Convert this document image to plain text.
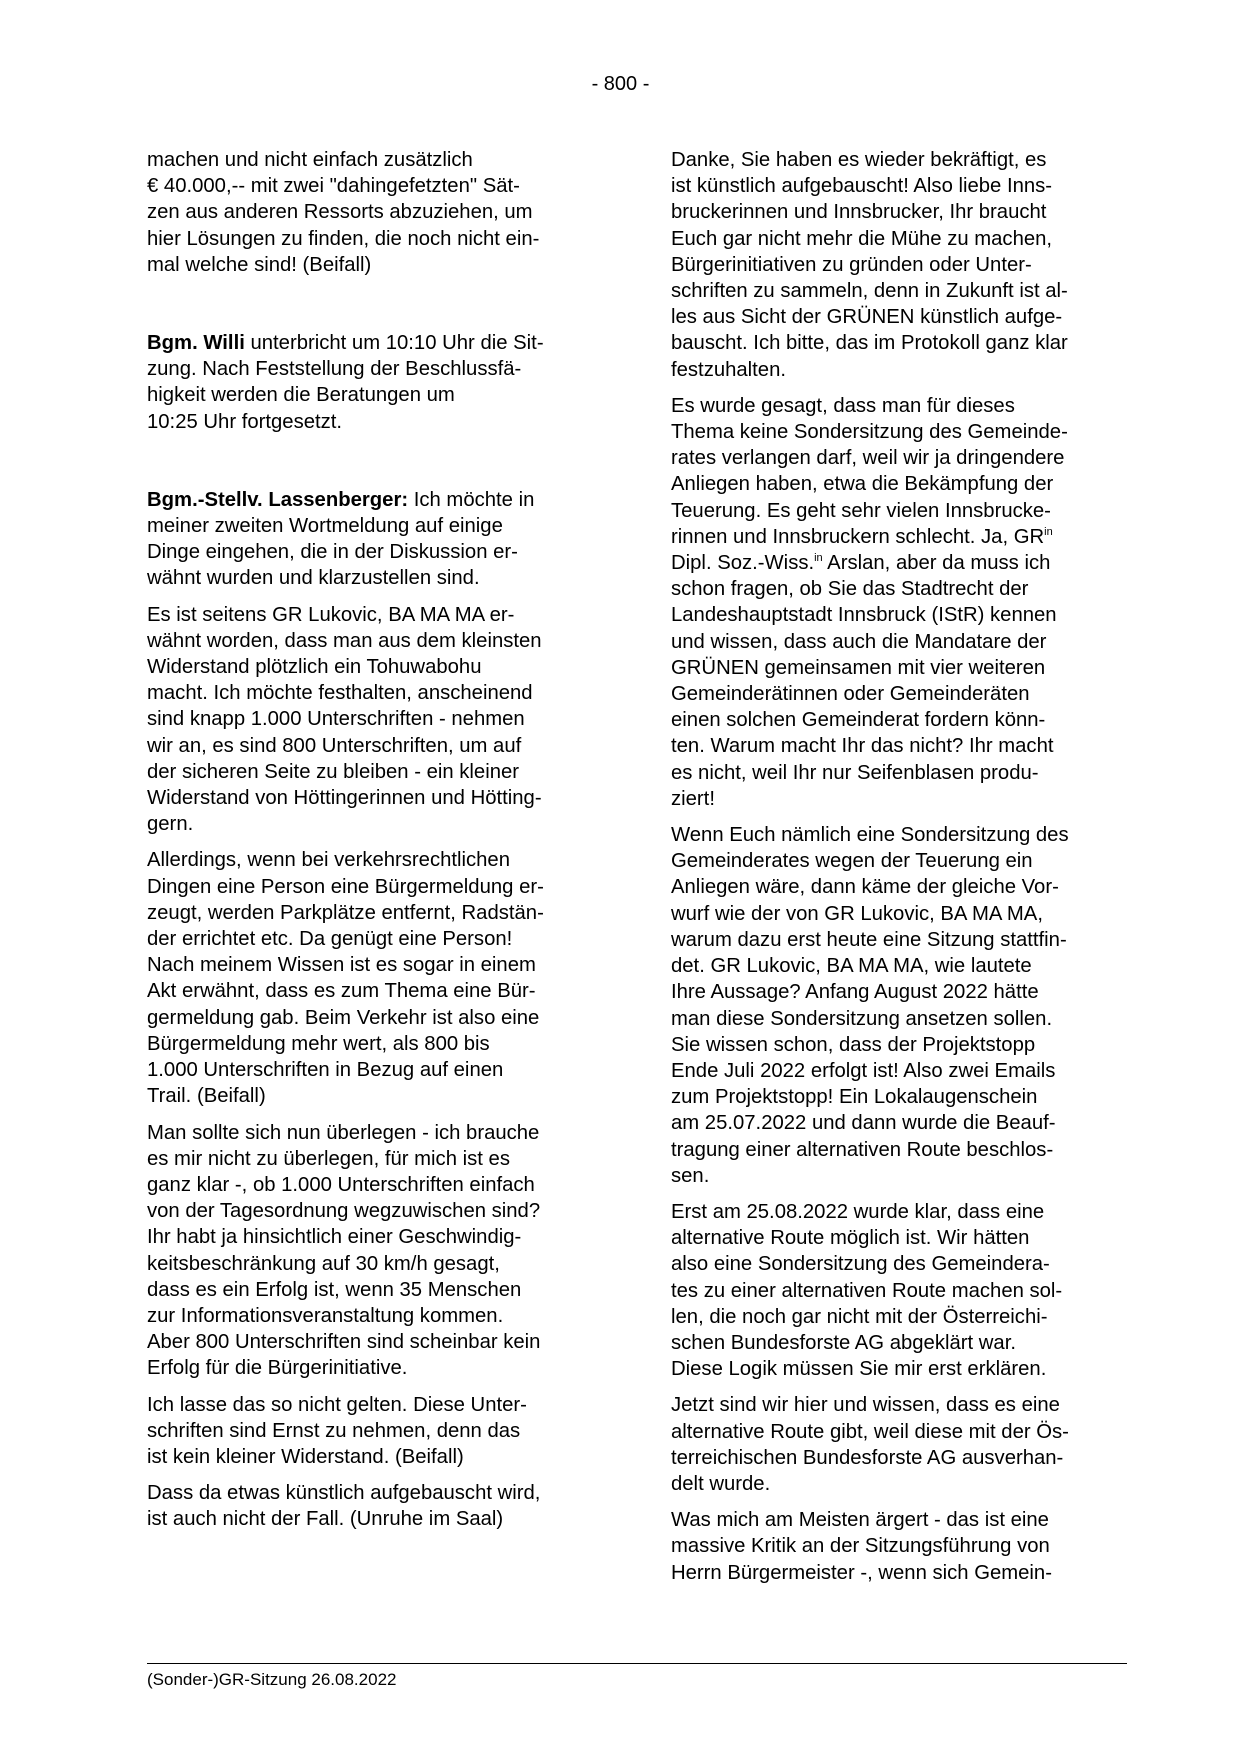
- 800 -

machen und nicht einfach zusätzlich
€ 40.000,-- mit zwei "dahingefetzten" Sät-
zen aus anderen Ressorts abzuziehen, um
hier Lösungen zu finden, die noch nicht ein-
mal welche sind! (Beifall)

Bgm. Willi unterbricht um 10:10 Uhr die Sit-
zung. Nach Feststellung der Beschlussfä-
higkeit werden die Beratungen um
10:25 Uhr fortgesetzt.

Bgm.-Stellv. Lassenberger: Ich möchte in
meiner zweiten Wortmeldung auf einige
Dinge eingehen, die in der Diskussion er-
wähnt wurden und klarzustellen sind.

Es ist seitens GR Lukovic, BA MA MA er-
wähnt worden, dass man aus dem kleinsten
Widerstand plötzlich ein Tohuwabohu
macht. Ich möchte festhalten, anscheinend
sind knapp 1.000 Unterschriften - nehmen
wir an, es sind 800 Unterschriften, um auf
der sicheren Seite zu bleiben - ein kleiner
Widerstand von Höttingerinnen und Hötting-
gern.

Allerdings, wenn bei verkehrsrechtlichen
Dingen eine Person eine Bürgermeldung er-
zeugt, werden Parkplätze entfernt, Radstän-
der errichtet etc. Da genügt eine Person!
Nach meinem Wissen ist es sogar in einem
Akt erwähnt, dass es zum Thema eine Bür-
germeldung gab. Beim Verkehr ist also eine
Bürgermeldung mehr wert, als 800 bis
1.000 Unterschriften in Bezug auf einen
Trail. (Beifall)

Man sollte sich nun überlegen - ich brauche
es mir nicht zu überlegen, für mich ist es
ganz klar -, ob 1.000 Unterschriften einfach
von der Tagesordnung wegzuwischen sind?
Ihr habt ja hinsichtlich einer Geschwindig-
keitsbeschränkung auf 30 km/h gesagt,
dass es ein Erfolg ist, wenn 35 Menschen
zur Informationsveranstaltung kommen.
Aber 800 Unterschriften sind scheinbar kein
Erfolg für die Bürgerinitiative.

Ich lasse das so nicht gelten. Diese Unter-
schriften sind Ernst zu nehmen, denn das
ist kein kleiner Widerstand. (Beifall)

Dass da etwas künstlich aufgebauscht wird,
ist auch nicht der Fall. (Unruhe im Saal)

Danke, Sie haben es wieder bekräftigt, es
ist künstlich aufgebauscht! Also liebe Inns-
bruckerinnen und Innsbrucker, Ihr braucht
Euch gar nicht mehr die Mühe zu machen,
Bürgerinitiativen zu gründen oder Unter-
schriften zu sammeln, denn in Zukunft ist al-
les aus Sicht der GRÜNEN künstlich aufge-
bauscht. Ich bitte, das im Protokoll ganz klar
festzuhalten.

Es wurde gesagt, dass man für dieses
Thema keine Sondersitzung des Gemeinde-
rates verlangen darf, weil wir ja dringendere
Anliegen haben, etwa die Bekämpfung der
Teuerung. Es geht sehr vielen Innsbrucke-
rinnen und Innsbruckern schlecht. Ja, $GR^{in}$
Dipl. Soz.-Wiss.$^{in}$ Arslan, aber da muss ich
schon fragen, ob Sie das Stadtrecht der
Landeshauptstadt Innsbruck (IStR) kennen
und wissen, dass auch die Mandatare der
GRÜNEN gemeinsamen mit vier weiteren
Gemeinderätinnen oder Gemeinderäten
einen solchen Gemeinderat fordern könn-
ten. Warum macht Ihr das nicht? Ihr macht
es nicht, weil Ihr nur Seifenblasen produ-
ziert!

Wenn Euch nämlich eine Sondersitzung des
Gemeinderates wegen der Teuerung ein
Anliegen wäre, dann käme der gleiche Vor-
wurf wie der von GR Lukovic, BA MA MA,
warum dazu erst heute eine Sitzung stattfin-
det. GR Lukovic, BA MA MA, wie lautete
Ihre Aussage? Anfang August 2022 hätte
man diese Sondersitzung ansetzen sollen.
Sie wissen schon, dass der Projektstopp
Ende Juli 2022 erfolgt ist! Also zwei Emails
zum Projektstopp! Ein Lokalaugenschein
am 25.07.2022 und dann wurde die Beauf-
tragung einer alternativen Route beschlos-
sen.

Erst am 25.08.2022 wurde klar, dass eine
alternative Route möglich ist. Wir hätten
also eine Sondersitzung des Gemeindera-
tes zu einer alternativen Route machen sol-
len, die noch gar nicht mit der Österreichi-
schen Bundesforste AG abgeklärt war.
Diese Logik müssen Sie mir erst erklären.

Jetzt sind wir hier und wissen, dass es eine
alternative Route gibt, weil diese mit der Ös-
terreichischen Bundesforste AG ausverhan-
delt wurde.

Was mich am Meisten ärgert - das ist eine
massive Kritik an der Sitzungsführung von
Herrn Bürgermeister -, wenn sich Gemein-

(Sonder-)GR-Sitzung 26.08.2022
